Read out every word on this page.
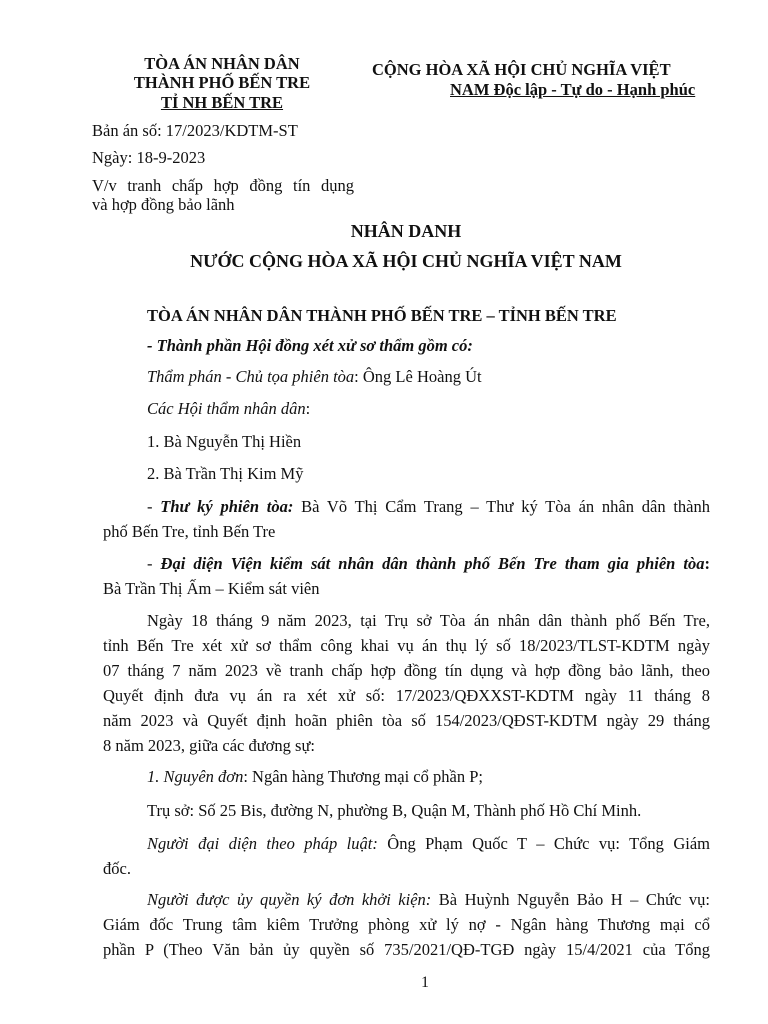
TÒA ÁN NHÂN DÂN
THÀNH PHỐ BẾN TRE
TỈ NH BẾN TRE
CỘNG HÒA XÃ HỘI CHỦ NGHĨA VIỆT
NAM Độc lập - Tự do - Hạnh phúc
Bản án số: 17/2023/KDTM-ST
Ngày: 18-9-2023
V/v tranh chấp hợp đồng tín dụng
và hợp đồng bảo lãnh
NHÂN DANH
NƯỚC CỘNG HÒA XÃ HỘI CHỦ NGHĨA VIỆT NAM
TÒA ÁN NHÂN DÂN THÀNH PHỐ BẾN TRE – TỈNH BẾN TRE
- Thành phần Hội đồng xét xử sơ thẩm gồm có:
Thẩm phán - Chủ tọa phiên tòa: Ông Lê Hoàng Út
Các Hội thẩm nhân dân:
1. Bà Nguyễn Thị Hiền
2. Bà Trần Thị Kim Mỹ
- Thư ký phiên tòa: Bà Võ Thị Cẩm Trang – Thư ký Tòa án nhân dân thành
phố Bến Tre, tỉnh Bến Tre
- Đại diện Viện kiểm sát nhân dân thành phố Bến Tre tham gia phiên tòa:
Bà Trần Thị Ấm – Kiểm sát viên
Ngày 18 tháng 9 năm 2023, tại Trụ sở Tòa án nhân dân thành phố Bến Tre,
tỉnh Bến Tre xét xử sơ thẩm công khai vụ án thụ lý số 18/2023/TLST-KDTM ngày
07 tháng 7 năm 2023 về tranh chấp hợp đồng tín dụng và hợp đồng bảo lãnh, theo
Quyết định đưa vụ án ra xét xử số: 17/2023/QĐXXST-KDTM ngày 11 tháng 8
năm 2023 và Quyết định hoãn phiên tòa số 154/2023/QĐST-KDTM ngày 29 tháng
8 năm 2023, giữa các đương sự:
1. Nguyên đơn: Ngân hàng Thương mại cổ phần P;
Trụ sở: Số 25 Bis, đường N, phường B, Quận M, Thành phố Hồ Chí Minh.
Người đại diện theo pháp luật: Ông Phạm Quốc T – Chức vụ: Tổng Giám
đốc.
Người được ủy quyền ký đơn khởi kiện: Bà Huỳnh Nguyễn Bảo H – Chức vụ:
Giám đốc Trung tâm kiêm Trưởng phòng xử lý nợ - Ngân hàng Thương mại cổ
phần P (Theo Văn bản ủy quyền số 735/2021/QĐ-TGĐ ngày 15/4/2021 của Tổng
1
